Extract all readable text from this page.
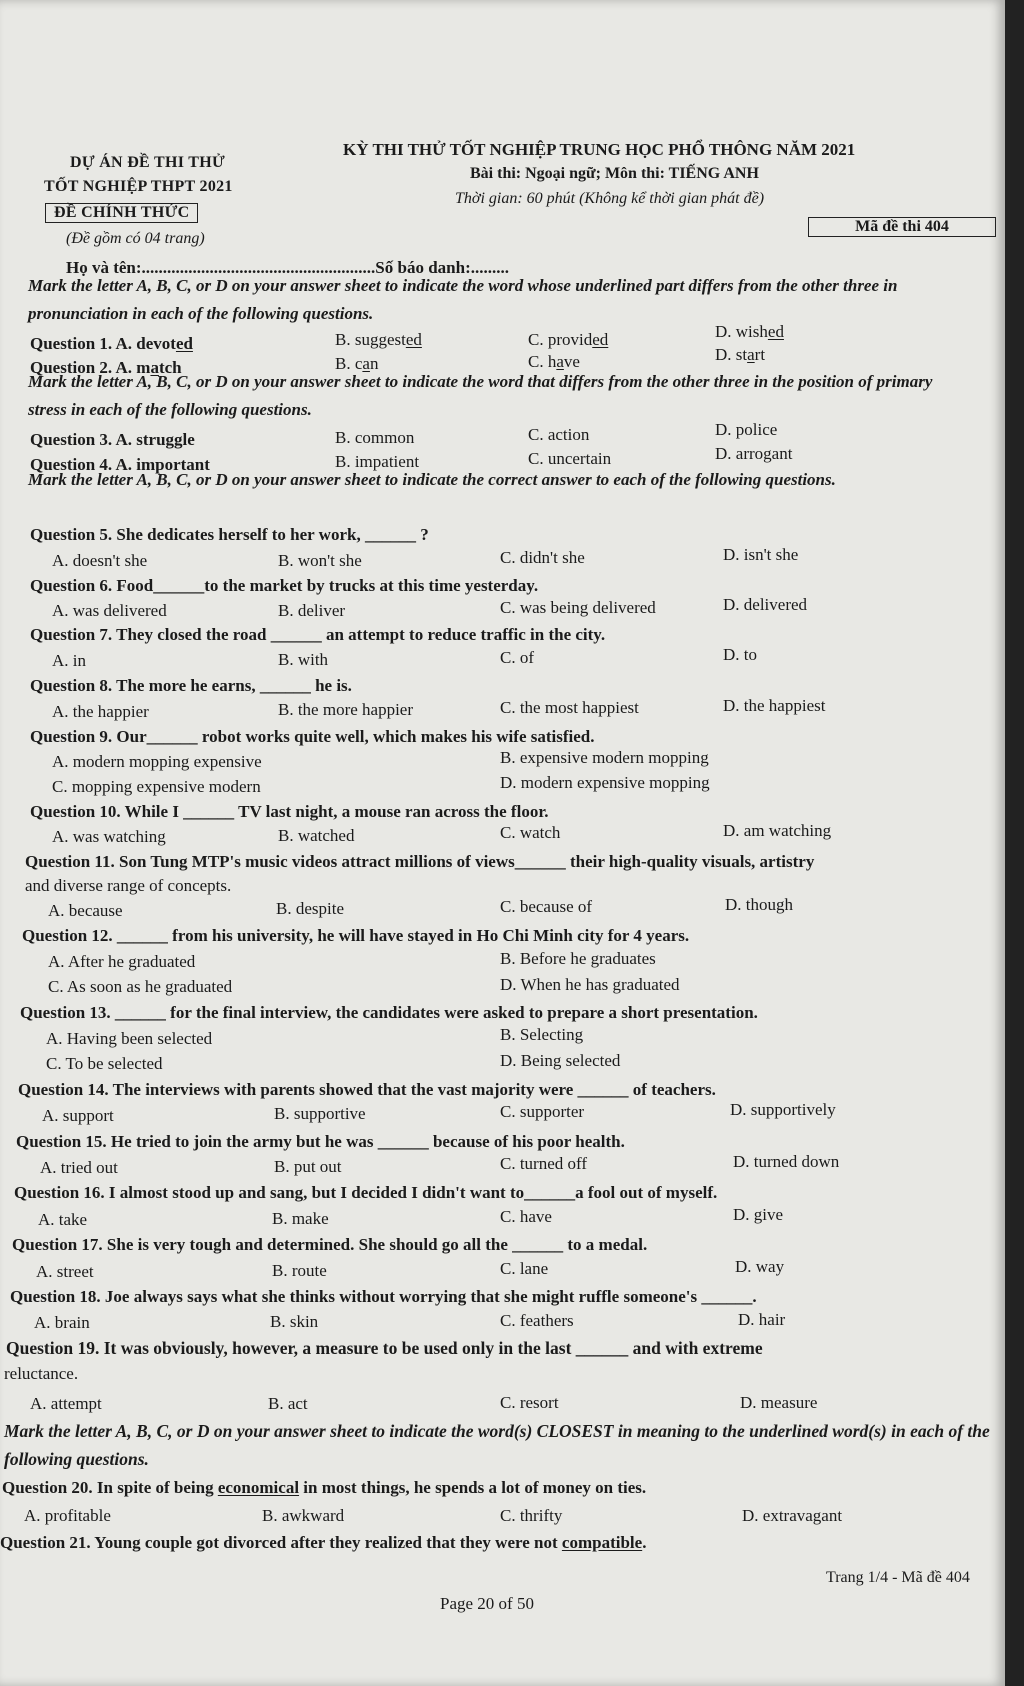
DỰ ÁN ĐỀ THI THỬ
TỐT NGHIỆP THPT 2021
ĐỀ CHÍNH THỨC
(Đề gồm có 04 trang)
KỲ THI THỬ TỐT NGHIỆP TRUNG HỌC PHỔ THÔNG NĂM 2021
Bài thi: Ngoại ngữ; Môn thi: TIẾNG ANH
Thời gian: 60 phút (Không kể thời gian phát đề)
Mã đề thi 404
Họ và tên:.......................................................Số báo danh:.........
Mark the letter A, B, C, or D on your answer sheet to indicate the word whose underlined part differs from the other three in pronunciation in each of the following questions.
Question 1. A. devoted	B. suggested	C. provided	D. wished
Question 2. A. match	B. can	C. have	D. start
Mark the letter A, B, C, or D on your answer sheet to indicate the word that differs from the other three in the position of primary stress in each of the following questions.
Question 3. A. struggle	B. common	C. action	D. police
Question 4. A. important	B. impatient	C. uncertain	D. arrogant
Mark the letter A, B, C, or D on your answer sheet to indicate the correct answer to each of the following questions.
Question 5. She dedicates herself to her work, ______ ?
A. doesn't she	B. won't she	C. didn't she	D. isn't she
Question 6. Food______to the market by trucks at this time yesterday.
A. was delivered	B. deliver	C. was being delivered	D. delivered
Question 7. They closed the road ______ an attempt to reduce traffic in the city.
A. in	B. with	C. of	D. to
Question 8. The more he earns, ______ he is.
A. the happier	B. the more happier	C. the most happiest	D. the happiest
Question 9. Our______ robot works quite well, which makes his wife satisfied.
A. modern mopping expensive	B. expensive modern mopping
C. mopping expensive modern	D. modern expensive mopping
Question 10. While I ______ TV last night, a mouse ran across the floor.
A. was watching	B. watched	C. watch	D. am watching
Question 11. Son Tung MTP's music videos attract millions of views______ their high-quality visuals, artistry
and diverse range of concepts.
A. because	B. despite	C. because of	D. though
Question 12. ______ from his university, he will have stayed in Ho Chi Minh city for 4 years.
A. After he graduated	B. Before he graduates
C. As soon as he graduated	D. When he has graduated
Question 13. ______ for the final interview, the candidates were asked to prepare a short presentation.
A. Having been selected	B. Selecting
C. To be selected	D. Being selected
Question 14. The interviews with parents showed that the vast majority were ______ of teachers.
A. support	B. supportive	C. supporter	D. supportively
Question 15. He tried to join the army but he was ______ because of his poor health.
A. tried out	B. put out	C. turned off	D. turned down
Question 16. I almost stood up and sang, but I decided I didn't want to______a fool out of myself.
A. take	B. make	C. have	D. give
Question 17. She is very tough and determined. She should go all the ______ to a medal.
A. street	B. route	C. lane	D. way
Question 18. Joe always says what she thinks without worrying that she might ruffle someone's ______.
A. brain	B. skin	C. feathers	D. hair
Question 19. It was obviously, however, a measure to be used only in the last ______ and with extreme
reluctance.
A. attempt	B. act	C. resort	D. measure
Mark the letter A, B, C, or D on your answer sheet to indicate the word(s) CLOSEST in meaning to the underlined word(s) in each of the following questions.
Question 20. In spite of being economical in most things, he spends a lot of money on ties.
A. profitable	B. awkward	C. thrifty	D. extravagant
Question 21. Young couple got divorced after they realized that they were not compatible.
Page 20 of 50
Trang 1/4 - Mã đề 404
